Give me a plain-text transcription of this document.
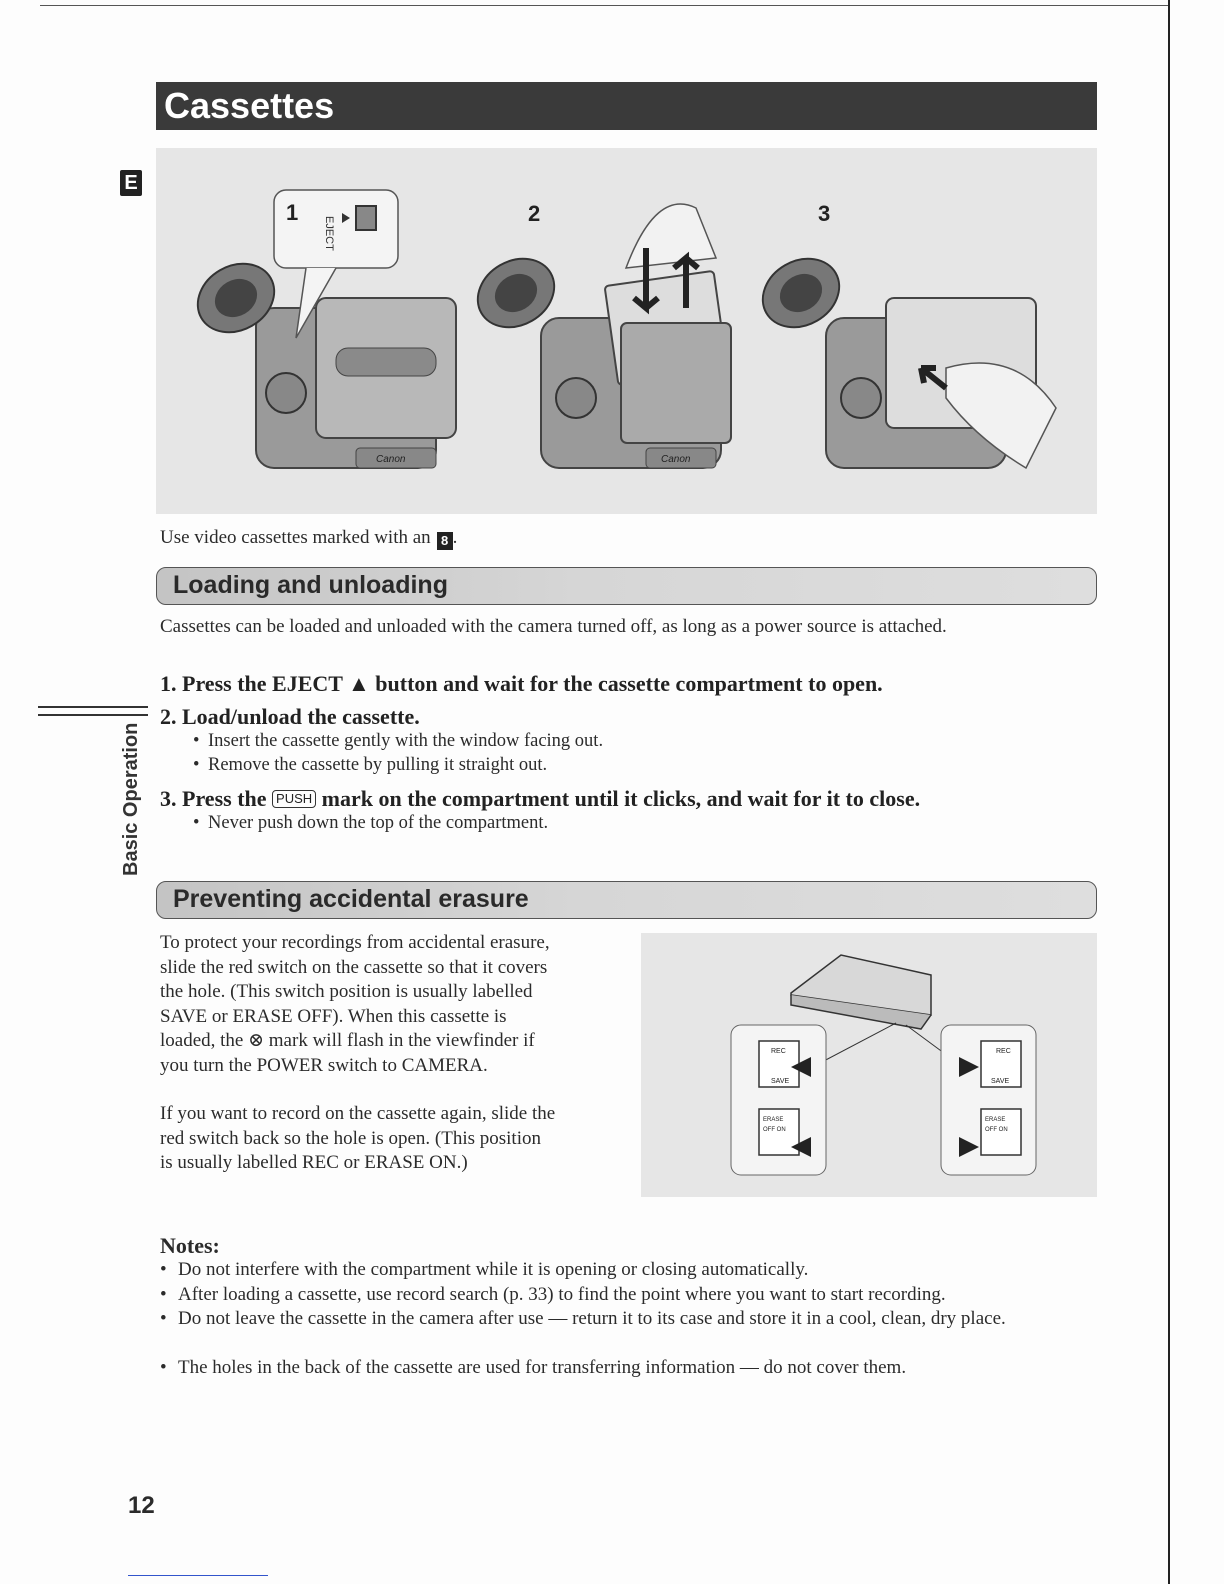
Cassettes
E
Canon
1
EJECT
Canon
2	3
Use video cassettes marked with an 8 .
Loading and unloading
Cassettes can be loaded and unloaded with the camera turned off, as long as a power source is attached.
1. Press the EJECT ▲ button and wait for the cassette compartment to open.
2. Load/unload the cassette.
• Insert the cassette gently with the window facing out.
• Remove the cassette by pulling it straight out.
3. Press the PUSH mark on the compartment until it clicks, and wait for it to close.
• Never push down the top of the compartment.
Basic Operation
Preventing accidental erasure
To protect your recordings from accidental erasure,
slide the red switch on the cassette so that it covers
the hole. (This switch position is usually labelled
SAVE or ERASE OFF). When this cassette is
loaded, the ⊗ mark will flash in the viewfinder if
you turn the POWER switch to CAMERA.
If you want to record on the cassette again, slide the
red switch back so the hole is open. (This position
is usually labelled REC or ERASE ON.)
REC
SAVE
ERASE
OFF ON
REC
SAVE
ERASE
OFF ON
Notes:
• Do not interfere with the compartment while it is opening or closing automatically.
• After loading a cassette, use record search (p. 33) to find the point where you want to start recording.
• Do not leave the cassette in the camera after use — return it to its case and store it in a cool, clean, dry place.
• The holes in the back of the cassette are used for transferring information — do not cover them.
12
